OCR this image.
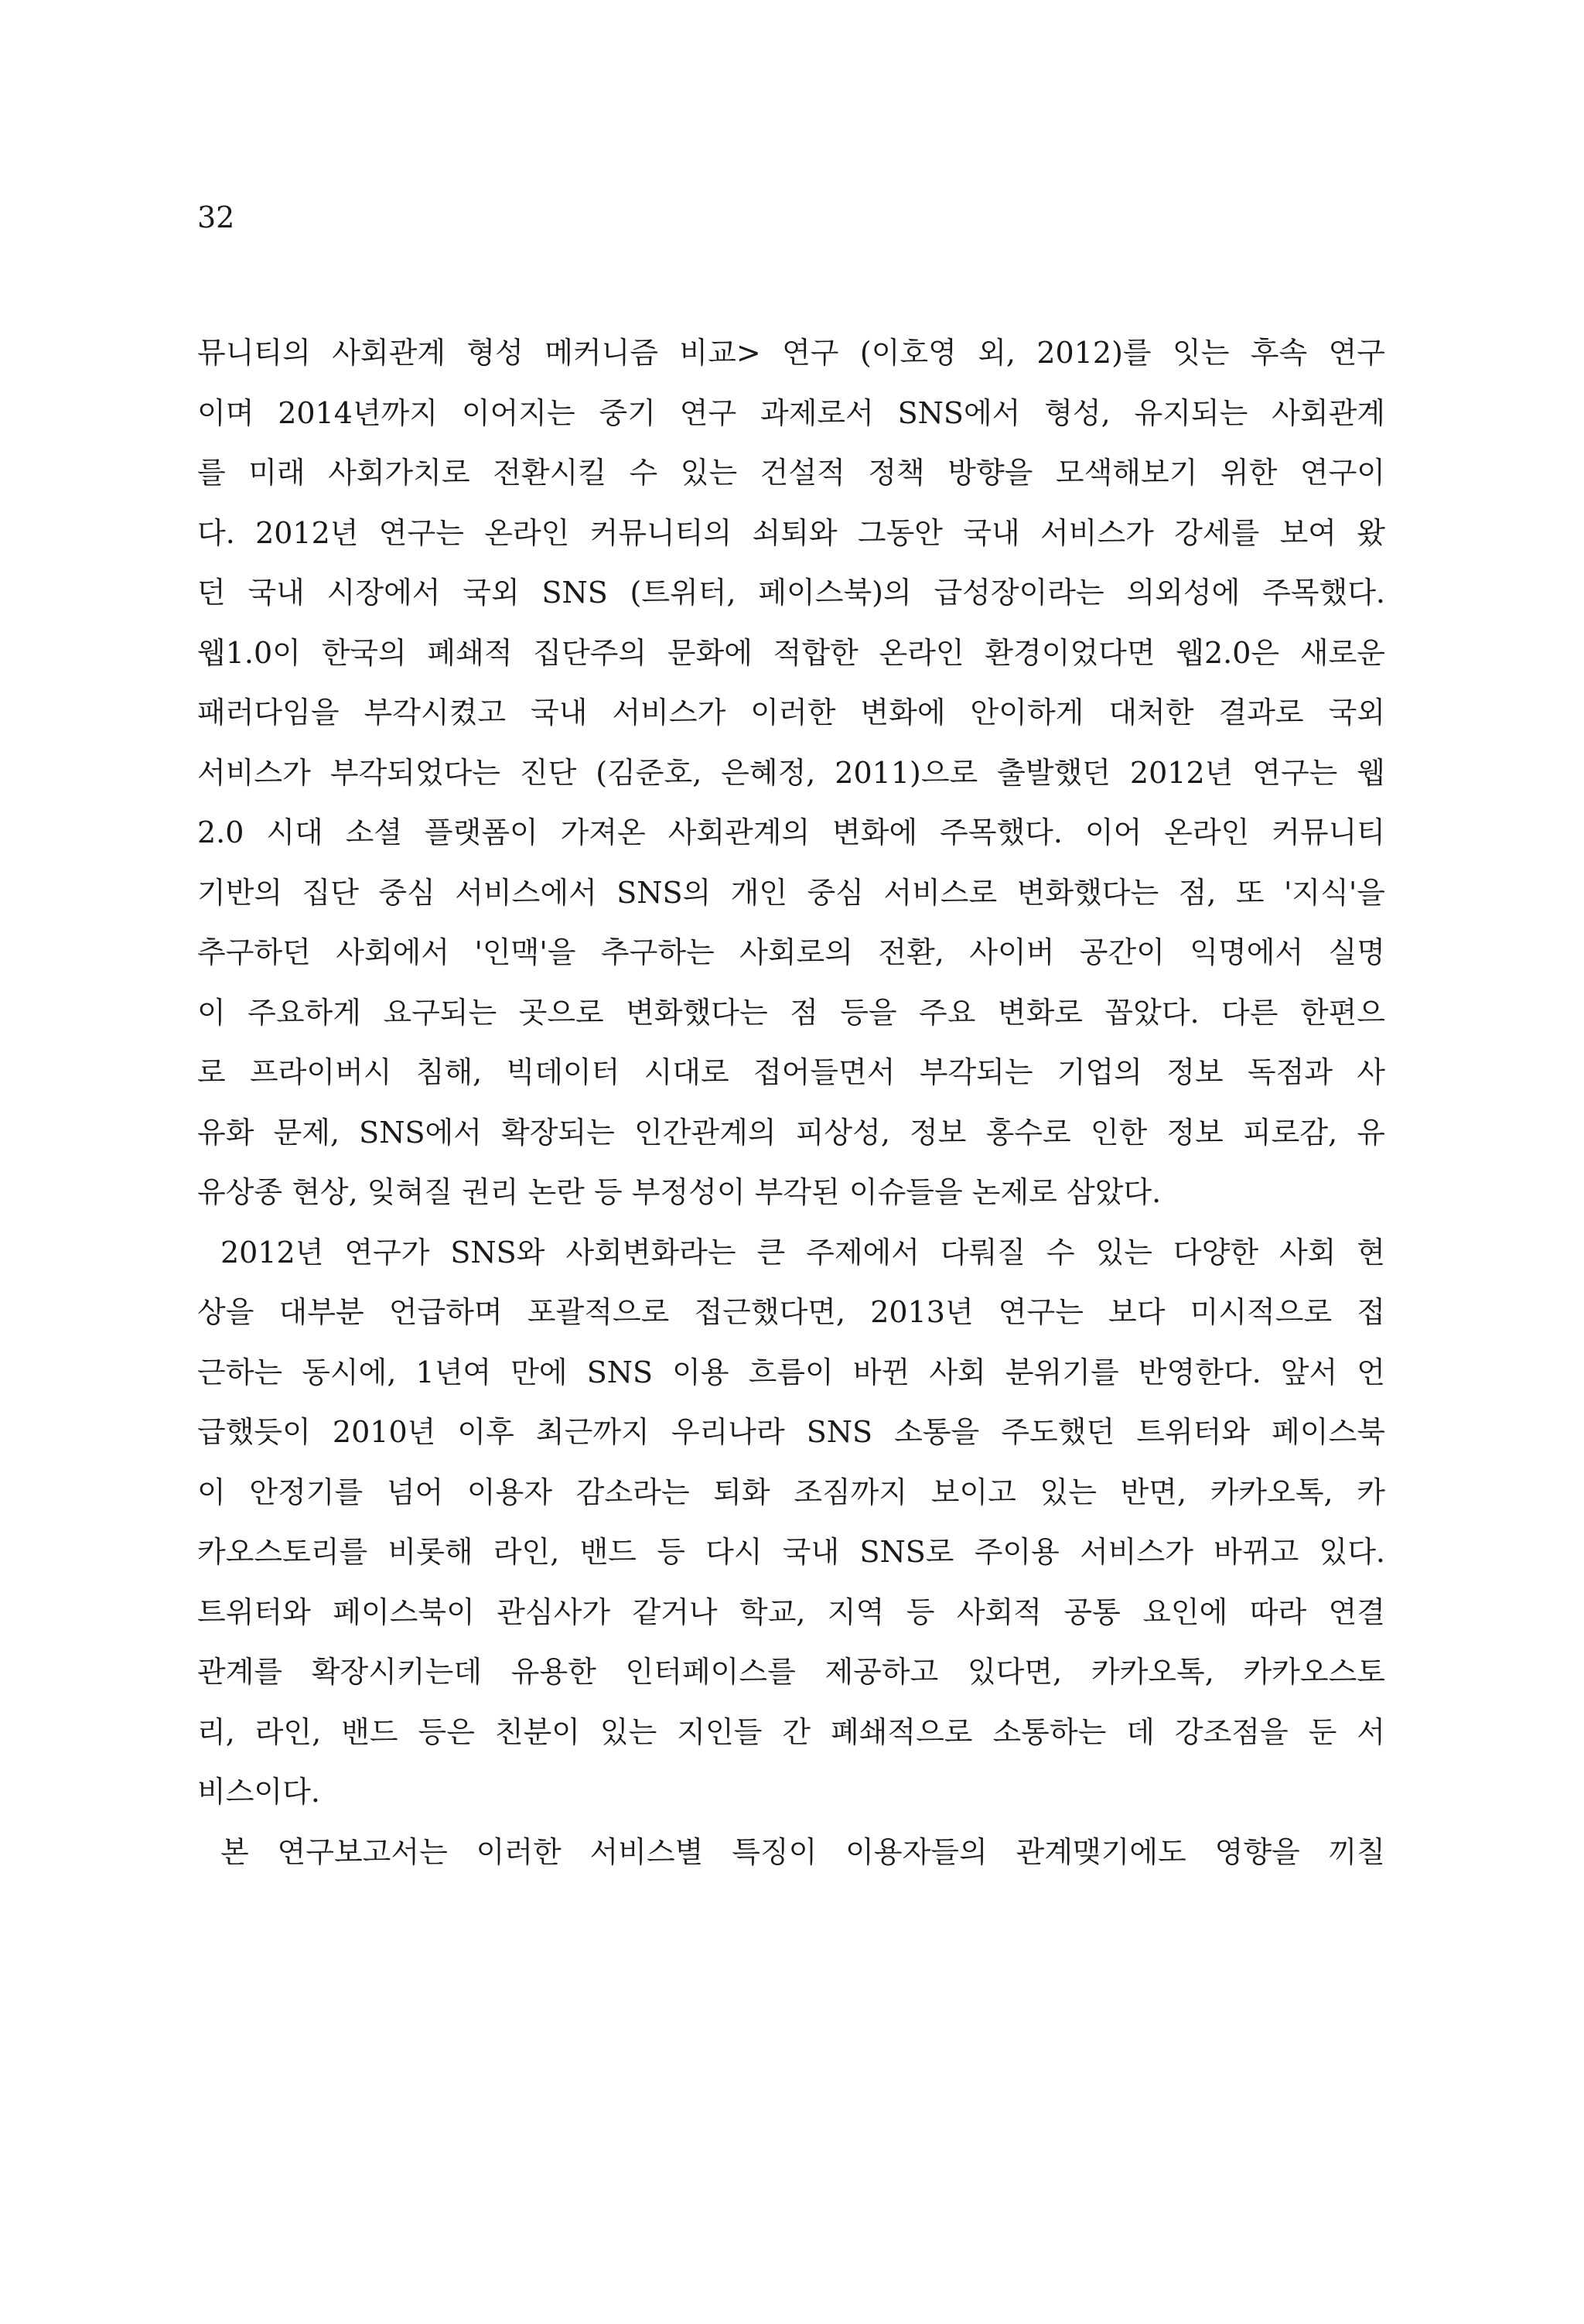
32
뮤니티의 사회관계 형성 메커니즘 비교> 연구 (이호영 외, 2012)를 잇는 후속 연구
이며 2014년까지 이어지는 중기 연구 과제로서 SNS에서 형성, 유지되는 사회관계
를 미래 사회가치로 전환시킬 수 있는 건설적 정책 방향을 모색해보기 위한 연구이
다. 2012년 연구는 온라인 커뮤니티의 쇠퇴와 그동안 국내 서비스가 강세를 보여 왔
던 국내 시장에서 국외 SNS (트위터, 페이스북)의 급성장이라는 의외성에 주목했다.
웹1.0이 한국의 폐쇄적 집단주의 문화에 적합한 온라인 환경이었다면 웹2.0은 새로운
패러다임을 부각시켰고 국내 서비스가 이러한 변화에 안이하게 대처한 결과로 국외
서비스가 부각되었다는 진단 (김준호, 은혜정, 2011)으로 출발했던 2012년 연구는 웹
2.0 시대 소셜 플랫폼이 가져온 사회관계의 변화에 주목했다. 이어 온라인 커뮤니티
기반의 집단 중심 서비스에서 SNS의 개인 중심 서비스로 변화했다는 점, 또 '지식'을
추구하던 사회에서 '인맥'을 추구하는 사회로의 전환, 사이버 공간이 익명에서 실명
이 주요하게 요구되는 곳으로 변화했다는 점 등을 주요 변화로 꼽았다. 다른 한편으
로 프라이버시 침해, 빅데이터 시대로 접어들면서 부각되는 기업의 정보 독점과 사
유화 문제, SNS에서 확장되는 인간관계의 피상성, 정보 홍수로 인한 정보 피로감, 유
유상종 현상, 잊혀질 권리 논란 등 부정성이 부각된 이슈들을 논제로 삼았다.
2012년 연구가 SNS와 사회변화라는 큰 주제에서 다뤄질 수 있는 다양한 사회 현
상을 대부분 언급하며 포괄적으로 접근했다면, 2013년 연구는 보다 미시적으로 접
근하는 동시에, 1년여 만에 SNS 이용 흐름이 바뀐 사회 분위기를 반영한다. 앞서 언
급했듯이 2010년 이후 최근까지 우리나라 SNS 소통을 주도했던 트위터와 페이스북
이 안정기를 넘어 이용자 감소라는 퇴화 조짐까지 보이고 있는 반면, 카카오톡, 카
카오스토리를 비롯해 라인, 밴드 등 다시 국내 SNS로 주이용 서비스가 바뀌고 있다.
트위터와 페이스북이 관심사가 같거나 학교, 지역 등 사회적 공통 요인에 따라 연결
관계를 확장시키는데 유용한 인터페이스를 제공하고 있다면, 카카오톡, 카카오스토
리, 라인, 밴드 등은 친분이 있는 지인들 간 폐쇄적으로 소통하는 데 강조점을 둔 서
비스이다.
본 연구보고서는 이러한 서비스별 특징이 이용자들의 관계맺기에도 영향을 끼칠
